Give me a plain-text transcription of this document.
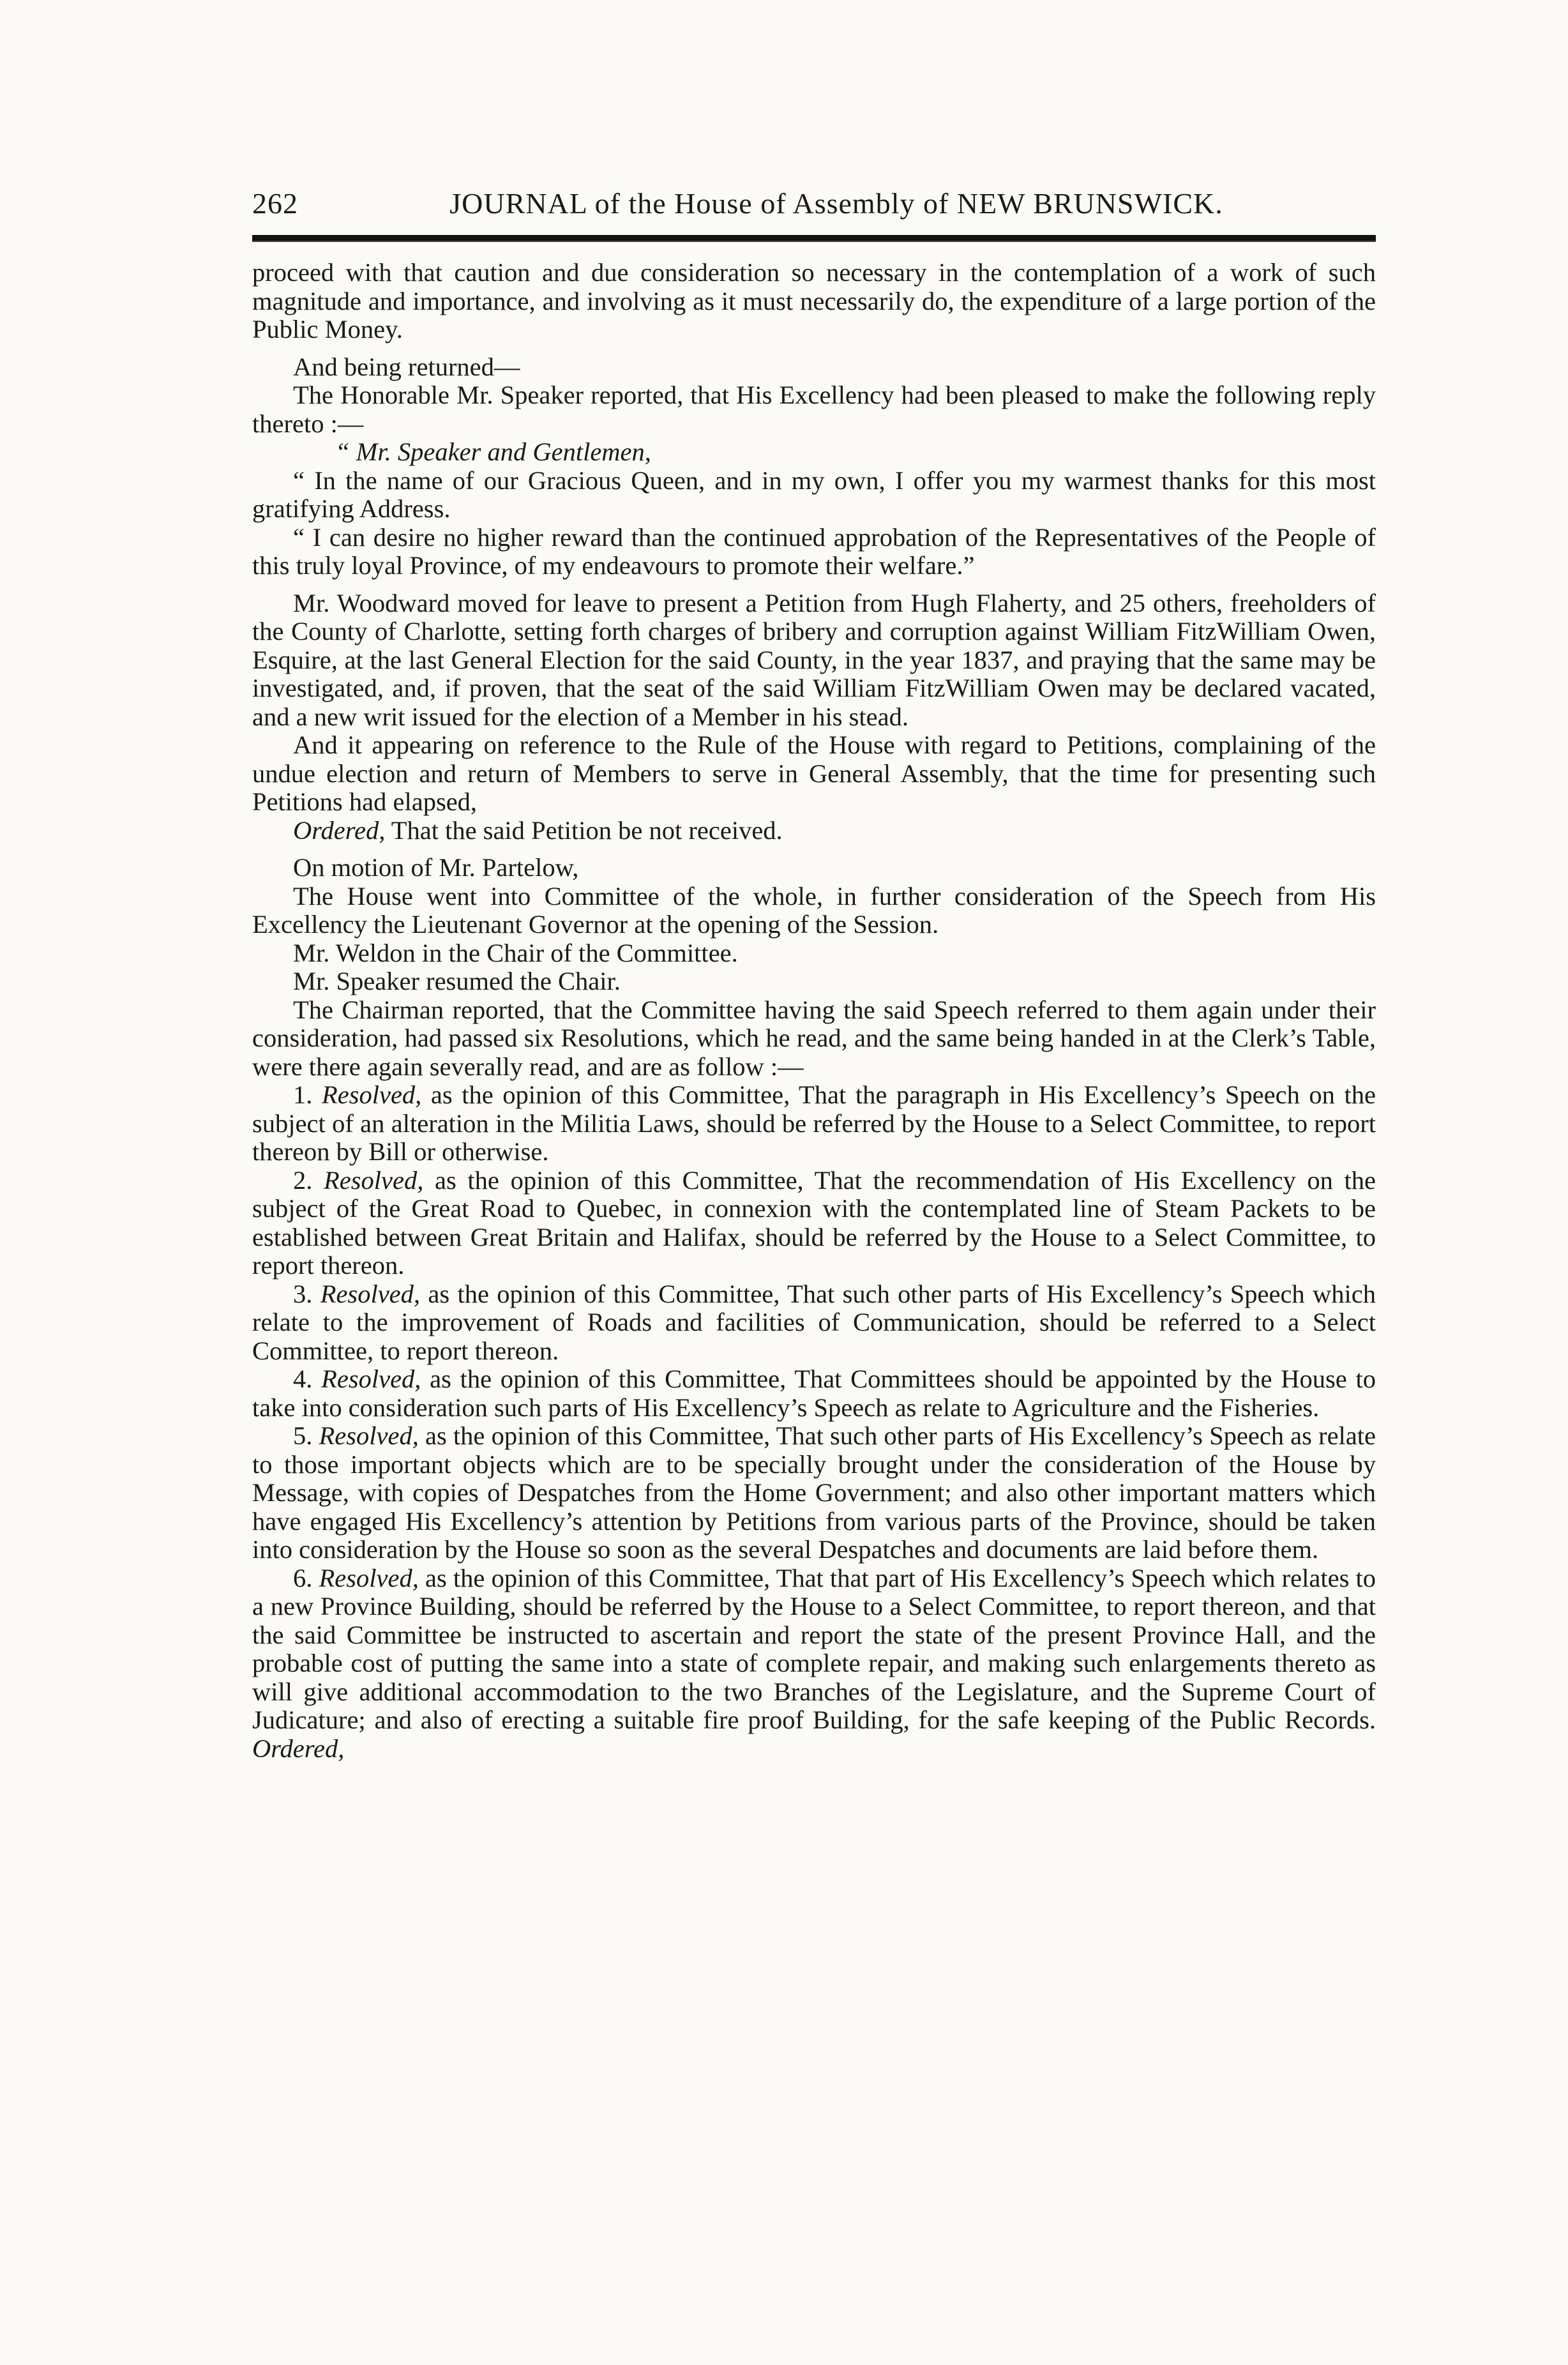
262	JOURNAL of the House of Assembly of NEW BRUNSWICK.

proceed with that caution and due consideration so necessary in the contemplation of a work of such magnitude and importance, and involving as it must necessarily do, the expenditure of a large portion of the Public Money.

And being returned—

The Honorable Mr. Speaker reported, that His Excellency had been pleased to make the following reply thereto :—

“ Mr. Speaker and Gentlemen,

“ In the name of our Gracious Queen, and in my own, I offer you my warmest thanks for this most gratifying Address.

“ I can desire no higher reward than the continued approbation of the Representatives of the People of this truly loyal Province, of my endeavours to promote their welfare.”

Mr. Woodward moved for leave to present a Petition from Hugh Flaherty, and 25 others, freeholders of the County of Charlotte, setting forth charges of bribery and corruption against William FitzWilliam Owen, Esquire, at the last General Election for the said County, in the year 1837, and praying that the same may be investigated, and, if proven, that the seat of the said William FitzWilliam Owen may be declared vacated, and a new writ issued for the election of a Member in his stead.

And it appearing on reference to the Rule of the House with regard to Petitions, complaining of the undue election and return of Members to serve in General Assembly, that the time for presenting such Petitions had elapsed,

Ordered, That the said Petition be not received.

On motion of Mr. Partelow,

The House went into Committee of the whole, in further consideration of the Speech from His Excellency the Lieutenant Governor at the opening of the Session.

Mr. Weldon in the Chair of the Committee.

Mr. Speaker resumed the Chair.

The Chairman reported, that the Committee having the said Speech referred to them again under their consideration, had passed six Resolutions, which he read, and the same being handed in at the Clerk’s Table, were there again severally read, and are as follow :—

1. Resolved, as the opinion of this Committee, That the paragraph in His Excellency’s Speech on the subject of an alteration in the Militia Laws, should be referred by the House to a Select Committee, to report thereon by Bill or otherwise.

2. Resolved, as the opinion of this Committee, That the recommendation of His Excellency on the subject of the Great Road to Quebec, in connexion with the contemplated line of Steam Packets to be established between Great Britain and Halifax, should be referred by the House to a Select Committee, to report thereon.

3. Resolved, as the opinion of this Committee, That such other parts of His Excellency’s Speech which relate to the improvement of Roads and facilities of Communication, should be referred to a Select Committee, to report thereon.

4. Resolved, as the opinion of this Committee, That Committees should be appointed by the House to take into consideration such parts of His Excellency’s Speech as relate to Agriculture and the Fisheries.

5. Resolved, as the opinion of this Committee, That such other parts of His Excellency’s Speech as relate to those important objects which are to be specially brought under the consideration of the House by Message, with copies of Despatches from the Home Government; and also other important matters which have engaged His Excellency’s attention by Petitions from various parts of the Province, should be taken into consideration by the House so soon as the several Despatches and documents are laid before them.

6. Resolved, as the opinion of this Committee, That that part of His Excellency’s Speech which relates to a new Province Building, should be referred by the House to a Select Committee, to report thereon, and that the said Committee be instructed to ascertain and report the state of the present Province Hall, and the probable cost of putting the same into a state of complete repair, and making such enlargements thereto as will give additional accommodation to the two Branches of the Legislature, and the Supreme Court of Judicature; and also of erecting a suitable fire proof Building, for the safe keeping of the Public Records. Ordered,
